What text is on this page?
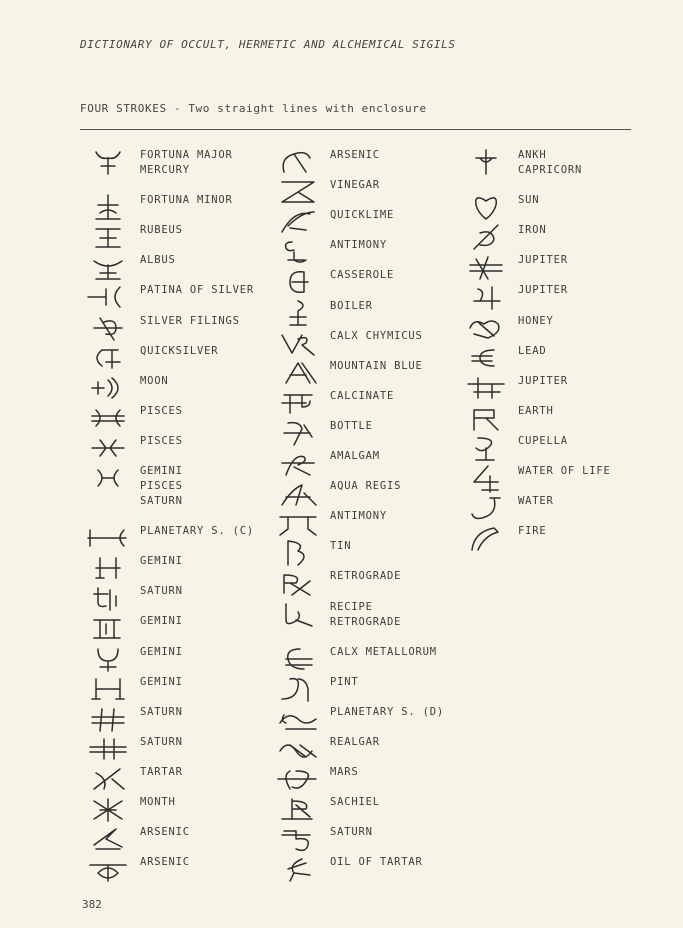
DICTIONARY OF OCCULT, HERMETIC AND ALCHEMICAL SIGILS
FOUR STROKES - Two straight lines with enclosure
FORTUNA MAJOR
MERCURY
FORTUNA MINOR
RUBEUS
ALBUS
PATINA OF SILVER
SILVER FILINGS
QUICKSILVER
MOON
PISCES
PISCES
GEMINI
PISCES
SATURN
PLANETARY S. (C)
GEMINI
SATURN
GEMINI
GEMINI
GEMINI
SATURN
SATURN
TARTAR
MONTH
ARSENIC
ARSENIC
ARSENIC
VINEGAR
QUICKLIME
ANTIMONY
CASSEROLE
BOILER
CALX CHYMICUS
MOUNTAIN BLUE
CALCINATE
BOTTLE
AMALGAM
AQUA REGIS
ANTIMONY
TIN
RETROGRADE
RECIPE
RETROGRADE
CALX METALLORUM
PINT
PLANETARY S. (D)
REALGAR
MARS
SACHIEL
SATURN
OIL OF TARTAR
ANKH
CAPRICORN
SUN
IRON
JUPITER
JUPITER
HONEY
LEAD
JUPITER
EARTH
CUPELLA
WATER OF LIFE
WATER
FIRE
382
